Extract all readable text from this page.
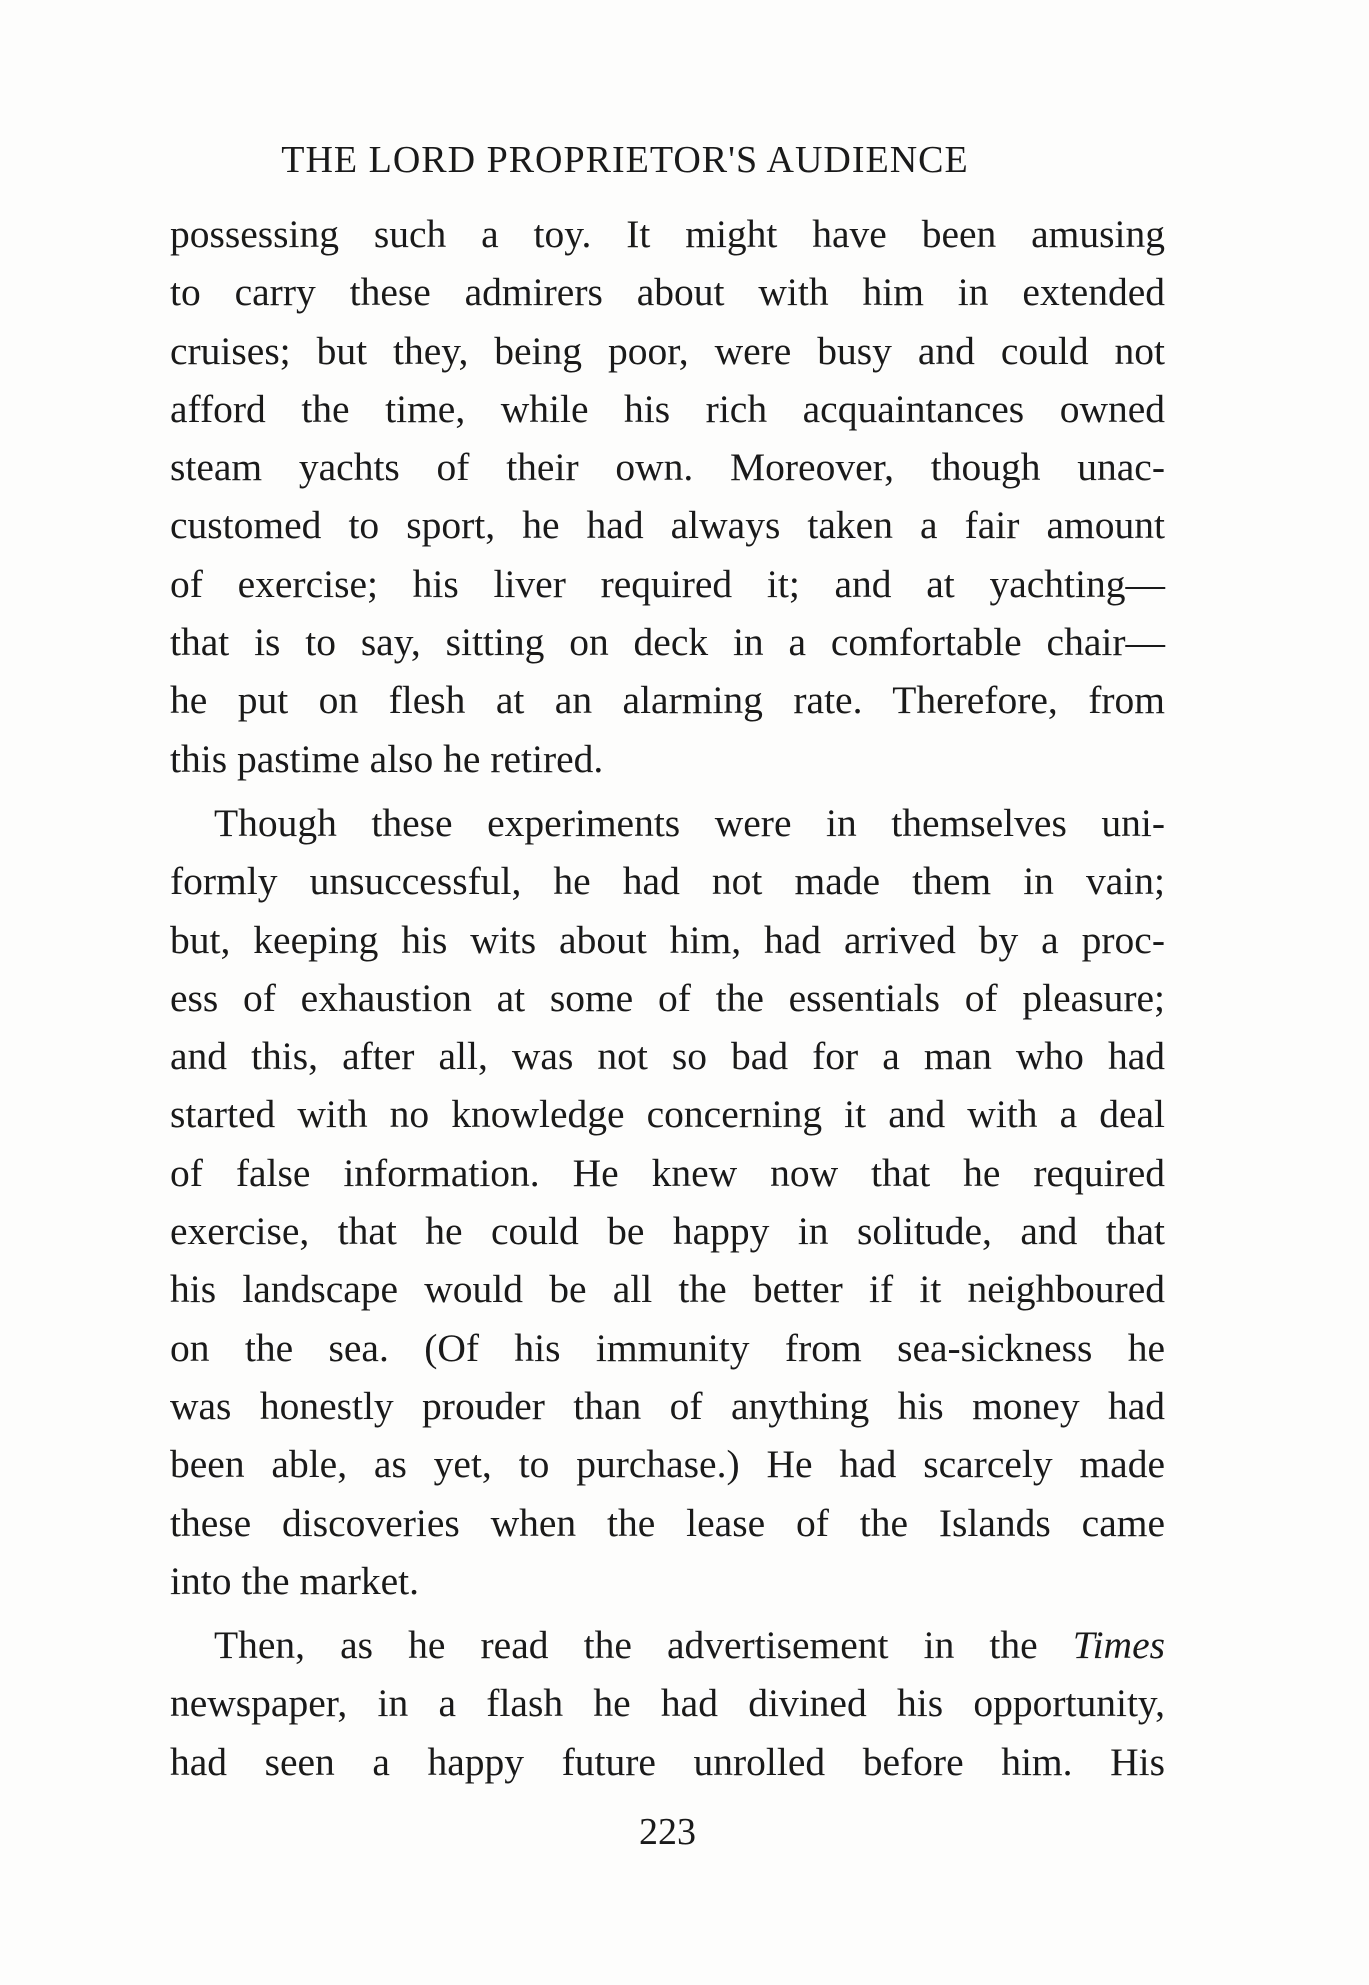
THE LORD PROPRIETOR'S AUDIENCE
possessing such a toy. It might have been amusing
to carry these admirers about with him in extended
cruises; but they, being poor, were busy and could not
afford the time, while his rich acquaintances owned
steam yachts of their own. Moreover, though unac-
customed to sport, he had always taken a fair amount
of exercise; his liver required it; and at yachting—
that is to say, sitting on deck in a comfortable chair—
he put on flesh at an alarming rate. Therefore, from
this pastime also he retired.
Though these experiments were in themselves uni-
formly unsuccessful, he had not made them in vain;
but, keeping his wits about him, had arrived by a proc-
ess of exhaustion at some of the essentials of pleasure;
and this, after all, was not so bad for a man who had
started with no knowledge concerning it and with a deal
of false information. He knew now that he required
exercise, that he could be happy in solitude, and that
his landscape would be all the better if it neighboured
on the sea. (Of his immunity from sea-sickness he
was honestly prouder than of anything his money had
been able, as yet, to purchase.) He had scarcely made
these discoveries when the lease of the Islands came
into the market.
Then, as he read the advertisement in the Times
newspaper, in a flash he had divined his opportunity,
had seen a happy future unrolled before him. His
223
